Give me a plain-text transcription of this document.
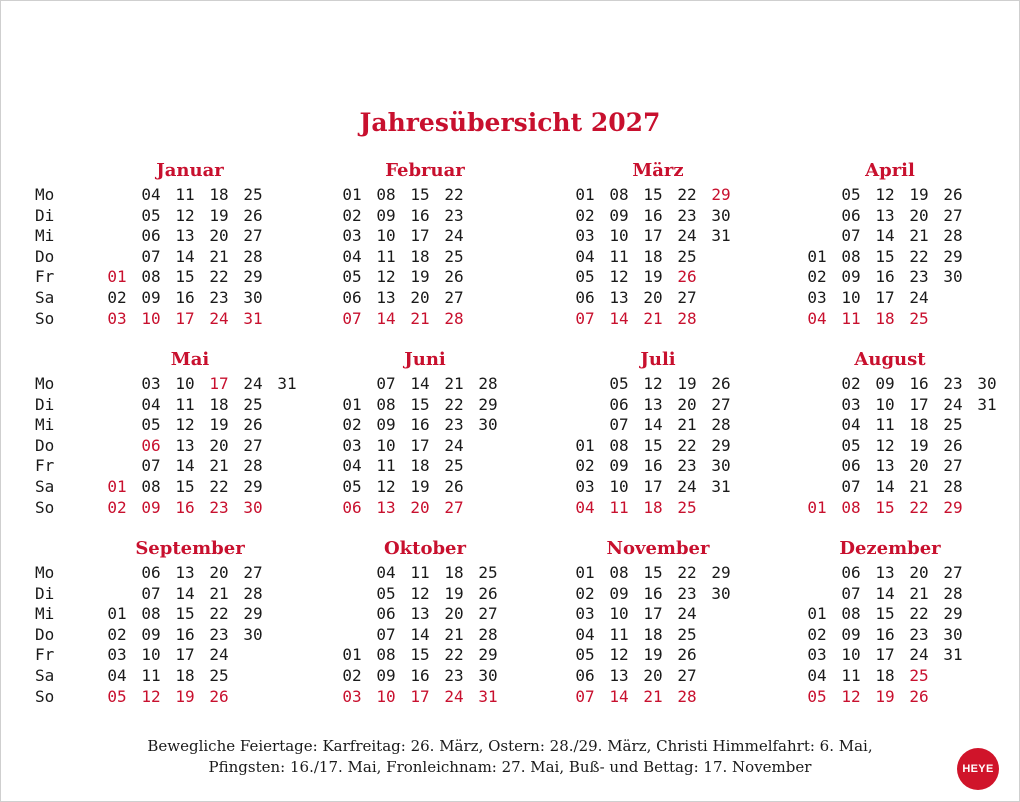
Jahresübersicht 2027
Mo
Di
Mi
Do
Fr
Sa
So
Januar
01
02
03
04
05
06
07
08
09
10
11
12
13
14
15
16
17
18
19
20
21
22
23
24
25
26
27
28
29
30
31
Februar
01
02
03
04
05
06
07
08
09
10
11
12
13
14
15
16
17
18
19
20
21
22
23
24
25
26
27
28
März
01
02
03
04
05
06
07
08
09
10
11
12
13
14
15
16
17
18
19
20
21
22
23
24
25
26
27
28
29
30
31
April
01
02
03
04
05
06
07
08
09
10
11
12
13
14
15
16
17
18
19
20
21
22
23
24
25
26
27
28
29
30
Mo
Di
Mi
Do
Fr
Sa
So
Mai
01
02
03
04
05
06
07
08
09
10
11
12
13
14
15
16
17
18
19
20
21
22
23
24
25
26
27
28
29
30
31
Juni
01
02
03
04
05
06
07
08
09
10
11
12
13
14
15
16
17
18
19
20
21
22
23
24
25
26
27
28
29
30
Juli
01
02
03
04
05
06
07
08
09
10
11
12
13
14
15
16
17
18
19
20
21
22
23
24
25
26
27
28
29
30
31
August
01
02
03
04
05
06
07
08
09
10
11
12
13
14
15
16
17
18
19
20
21
22
23
24
25
26
27
28
29
30
31
Mo
Di
Mi
Do
Fr
Sa
So
September
01
02
03
04
05
06
07
08
09
10
11
12
13
14
15
16
17
18
19
20
21
22
23
24
25
26
27
28
29
30
Oktober
01
02
03
04
05
06
07
08
09
10
11
12
13
14
15
16
17
18
19
20
21
22
23
24
25
26
27
28
29
30
31
November
01
02
03
04
05
06
07
08
09
10
11
12
13
14
15
16
17
18
19
20
21
22
23
24
25
26
27
28
29
30
Dezember
01
02
03
04
05
06
07
08
09
10
11
12
13
14
15
16
17
18
19
20
21
22
23
24
25
26
27
28
29
30
31
Bewegliche Feiertage: Karfreitag: 26. März, Ostern: 28./29. März, Christi Himmelfahrt: 6. Mai,
Pfingsten: 16./17. Mai, Fronleichnam: 27. Mai, Buß- und Bettag: 17. November	HEYE
